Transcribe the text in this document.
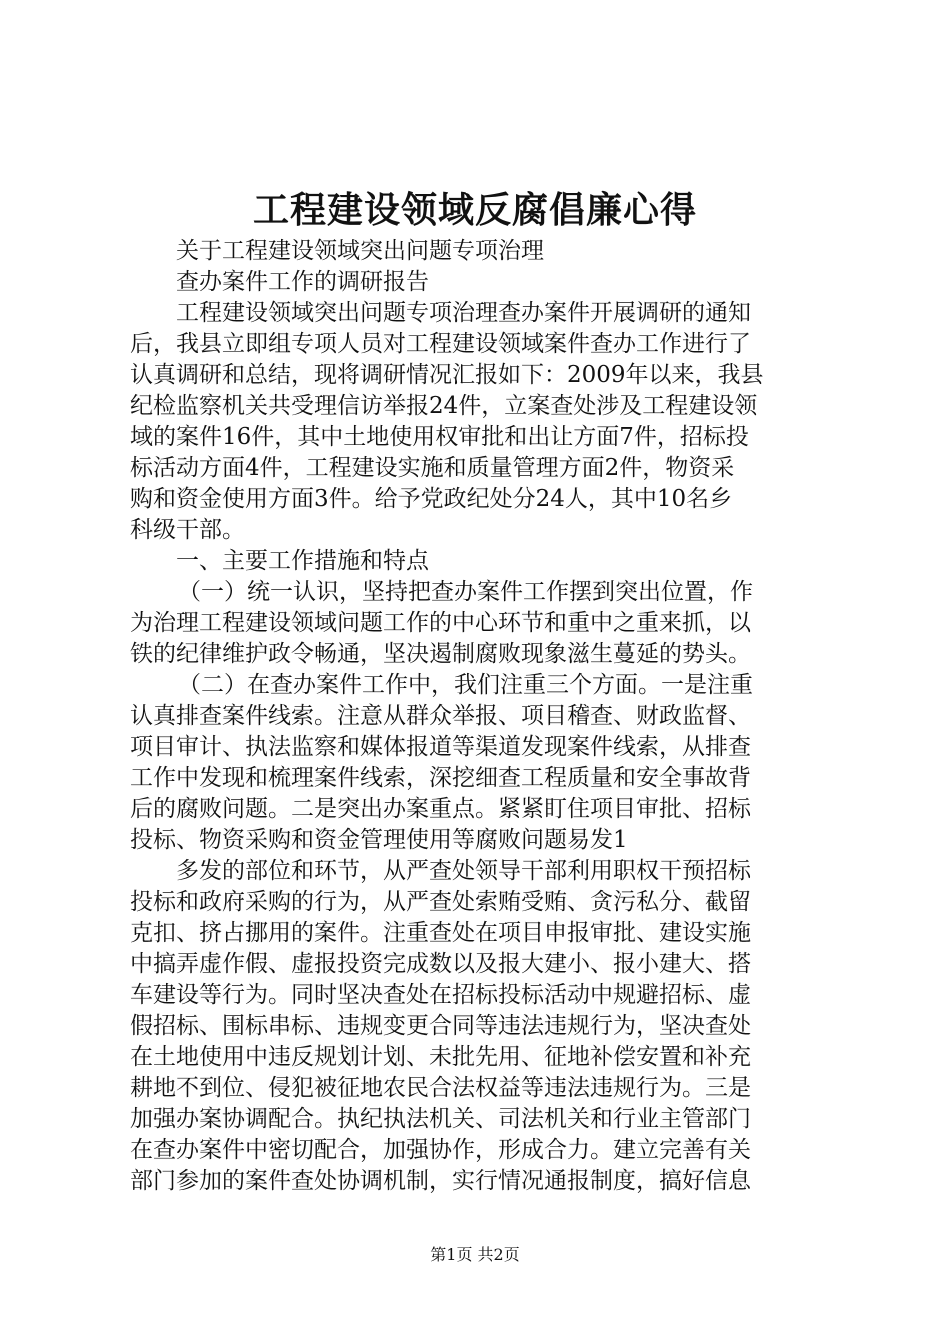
工程建设领域反腐倡廉心得
关于工程建设领域突出问题专项治理
查办案件工作的调研报告
工程建设领域突出问题专项治理查办案件开展调研的通知
后，我县立即组专项人员对工程建设领域案件查办工作进行了
认真调研和总结，现将调研情况汇报如下：2009年以来，我县
纪检监察机关共受理信访举报24件，立案查处涉及工程建设领
域的案件16件，其中土地使用权审批和出让方面7件，招标投
标活动方面4件，工程建设实施和质量管理方面2件，物资采
购和资金使用方面3件。给予党政纪处分24人，其中10名乡
科级干部。
一、主要工作措施和特点
（一）统一认识，坚持把查办案件工作摆到突出位置，作
为治理工程建设领域问题工作的中心环节和重中之重来抓，以
铁的纪律维护政令畅通，坚决遏制腐败现象滋生蔓延的势头。
（二）在查办案件工作中，我们注重三个方面。一是注重
认真排查案件线索。注意从群众举报、项目稽查、财政监督、
项目审计、执法监察和媒体报道等渠道发现案件线索，从排查
工作中发现和梳理案件线索，深挖细查工程质量和安全事故背
后的腐败问题。二是突出办案重点。紧紧盯住项目审批、招标
投标、物资采购和资金管理使用等腐败问题易发1
多发的部位和环节，从严查处领导干部利用职权干预招标
投标和政府采购的行为，从严查处索贿受贿、贪污私分、截留
克扣、挤占挪用的案件。注重查处在项目申报审批、建设实施
中搞弄虚作假、虚报投资完成数以及报大建小、报小建大、搭
车建设等行为。同时坚决查处在招标投标活动中规避招标、虚
假招标、围标串标、违规变更合同等违法违规行为，坚决查处
在土地使用中违反规划计划、未批先用、征地补偿安置和补充
耕地不到位、侵犯被征地农民合法权益等违法违规行为。三是
加强办案协调配合。执纪执法机关、司法机关和行业主管部门
在查办案件中密切配合，加强协作，形成合力。建立完善有关
部门参加的案件查处协调机制，实行情况通报制度，搞好信息
第1页 共2页
